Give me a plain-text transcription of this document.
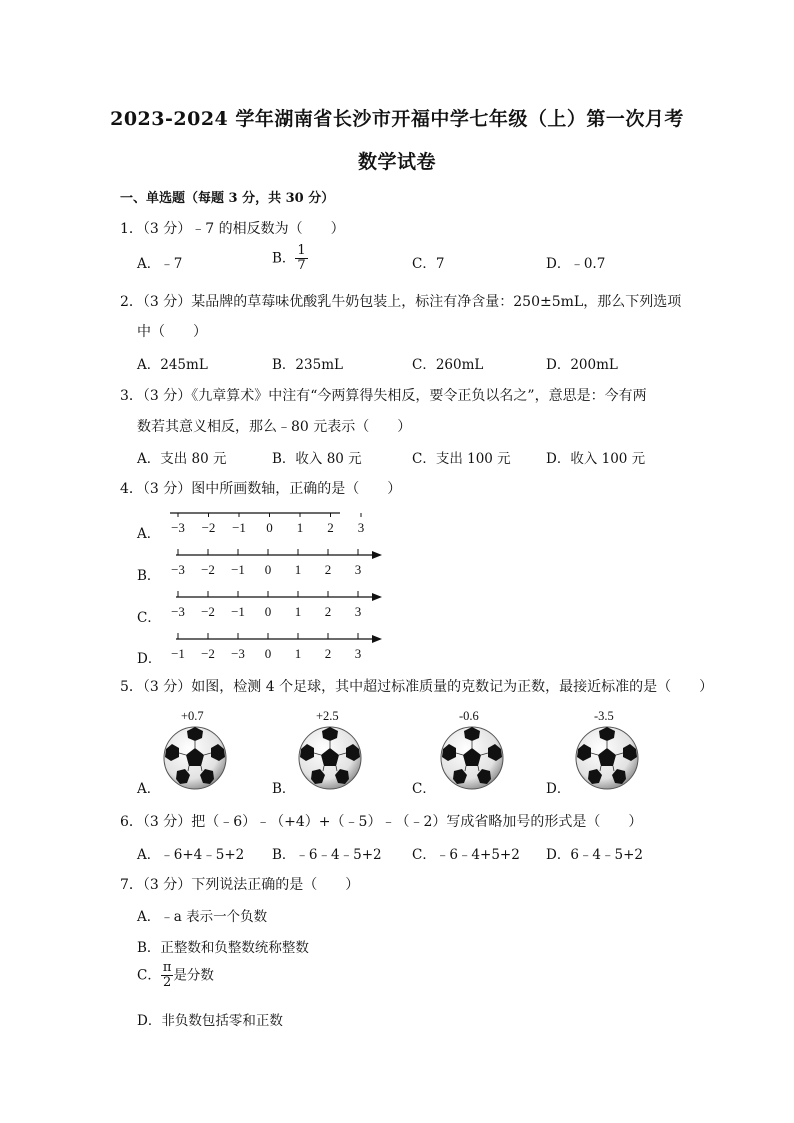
2023-2024 学年湖南省长沙市开福中学七年级（上）第一次月考
数学试卷
一、单选题（每题 3 分，共 30 分）
1．（3 分）﹣7 的相反数为（　　）
A．﹣7	B． $\frac{1}{7}$	C．7	D．﹣0.7
2．（3 分）某品牌的草莓味优酸乳牛奶包装上，标注有净含量：250±5mL，那么下列选项
中（　　）
A．245mL	B．235mL	C．260mL	D．200mL
3．（3 分）《九章算术》中注有“今两算得失相反，要令正负以名之”，意思是：今有两
数若其意义相反，那么﹣80 元表示（　　）
A．支出 80 元	B．收入 80 元	C．支出 100 元	D．收入 100 元
4．（3 分）图中所画数轴，正确的是（　　）
A． −3 −2 −1 0 1 2 3
B． −3 −2 −1 0 1 2 3
C． −3 −2 −1 0 1 2 3
D． −1 −2 −3 0 1 2 3
5．（3 分）如图，检测 4 个足球，其中超过标准质量的克数记为正数，最接近标准的是（　　）
+0.7	+2.5	-0.6	-3.5
A．	B．	C．	D．
6．（3 分）把（﹣6）﹣（+4）+（﹣5）﹣（﹣2）写成省略加号的形式是（　　）
A．﹣6+4﹣5+2 B．﹣6﹣4﹣5+2 C．﹣6﹣4+5+2 D．6﹣4﹣5+2
7．（3 分）下列说法正确的是（　　）
A．﹣a 表示一个负数
B．正整数和负整数统称整数
C． $\frac{\pi}{2}$ 是分数
D．非负数包括零和正数
